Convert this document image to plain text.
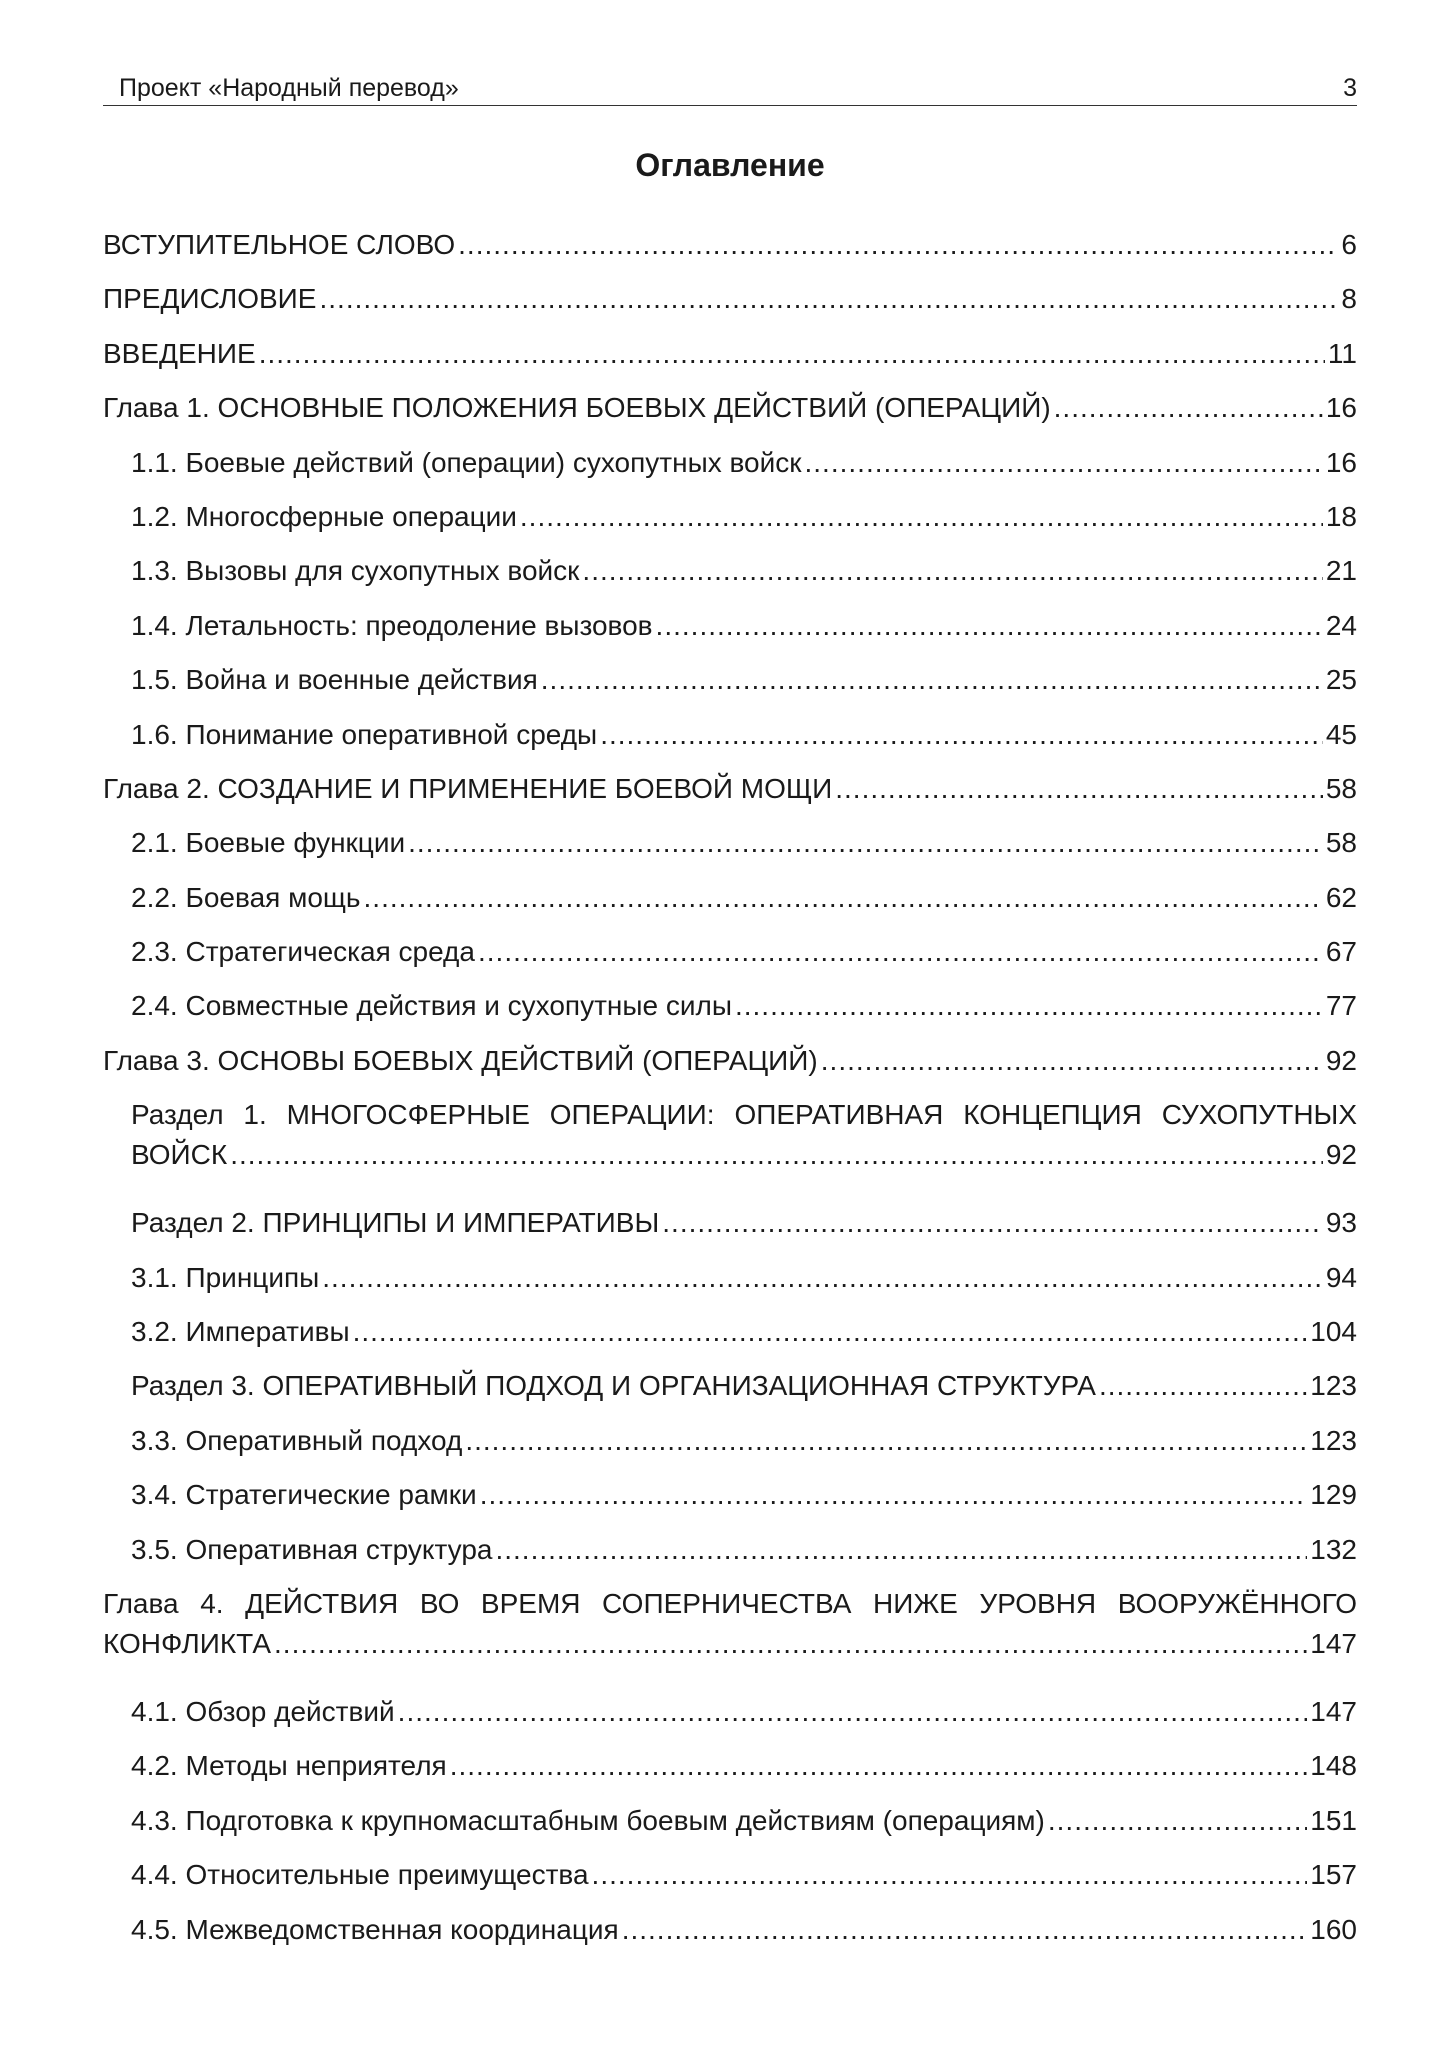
Проект «Народный перевод»	3
Оглавление
ВСТУПИТЕЛЬНОЕ СЛОВО .....	6
ПРЕДИСЛОВИЕ .....	8
ВВЕДЕНИЕ .....	11
Глава 1. ОСНОВНЫЕ ПОЛОЖЕНИЯ БОЕВЫХ ДЕЙСТВИЙ (ОПЕРАЦИЙ) .....	16
1.1. Боевые действий (операции) сухопутных войск .....	16
1.2. Многосферные операции .....	18
1.3. Вызовы для сухопутных войск .....	21
1.4. Летальность: преодоление вызовов .....	24
1.5. Война и военные действия .....	25
1.6. Понимание оперативной среды .....	45
Глава 2. СОЗДАНИЕ И ПРИМЕНЕНИЕ БОЕВОЙ МОЩИ .....	58
2.1. Боевые функции .....	58
2.2. Боевая мощь .....	62
2.3. Стратегическая среда .....	67
2.4. Совместные действия и сухопутные силы .....	77
Глава 3. ОСНОВЫ БОЕВЫХ ДЕЙСТВИЙ (ОПЕРАЦИЙ) .....	92
Раздел 1. МНОГОСФЕРНЫЕ ОПЕРАЦИИ: ОПЕРАТИВНАЯ КОНЦЕПЦИЯ СУХОПУТНЫХ
ВОЙСК .....	92
Раздел 2. ПРИНЦИПЫ И ИМПЕРАТИВЫ .....	93
3.1. Принципы .....	94
3.2. Императивы .....	104
Раздел 3. ОПЕРАТИВНЫЙ ПОДХОД И ОРГАНИЗАЦИОННАЯ СТРУКТУРА .....	123
3.3. Оперативный подход .....	123
3.4. Стратегические рамки .....	129
3.5. Оперативная структура .....	132
Глава 4. ДЕЙСТВИЯ ВО ВРЕМЯ СОПЕРНИЧЕСТВА НИЖЕ УРОВНЯ ВООРУЖЁННОГО
КОНФЛИКТА .....	147
4.1. Обзор действий .....	147
4.2. Методы неприятеля .....	148
4.3. Подготовка к крупномасштабным боевым действиям (операциям) .....	151
4.4. Относительные преимущества .....	157
4.5. Межведомственная координация .....	160
